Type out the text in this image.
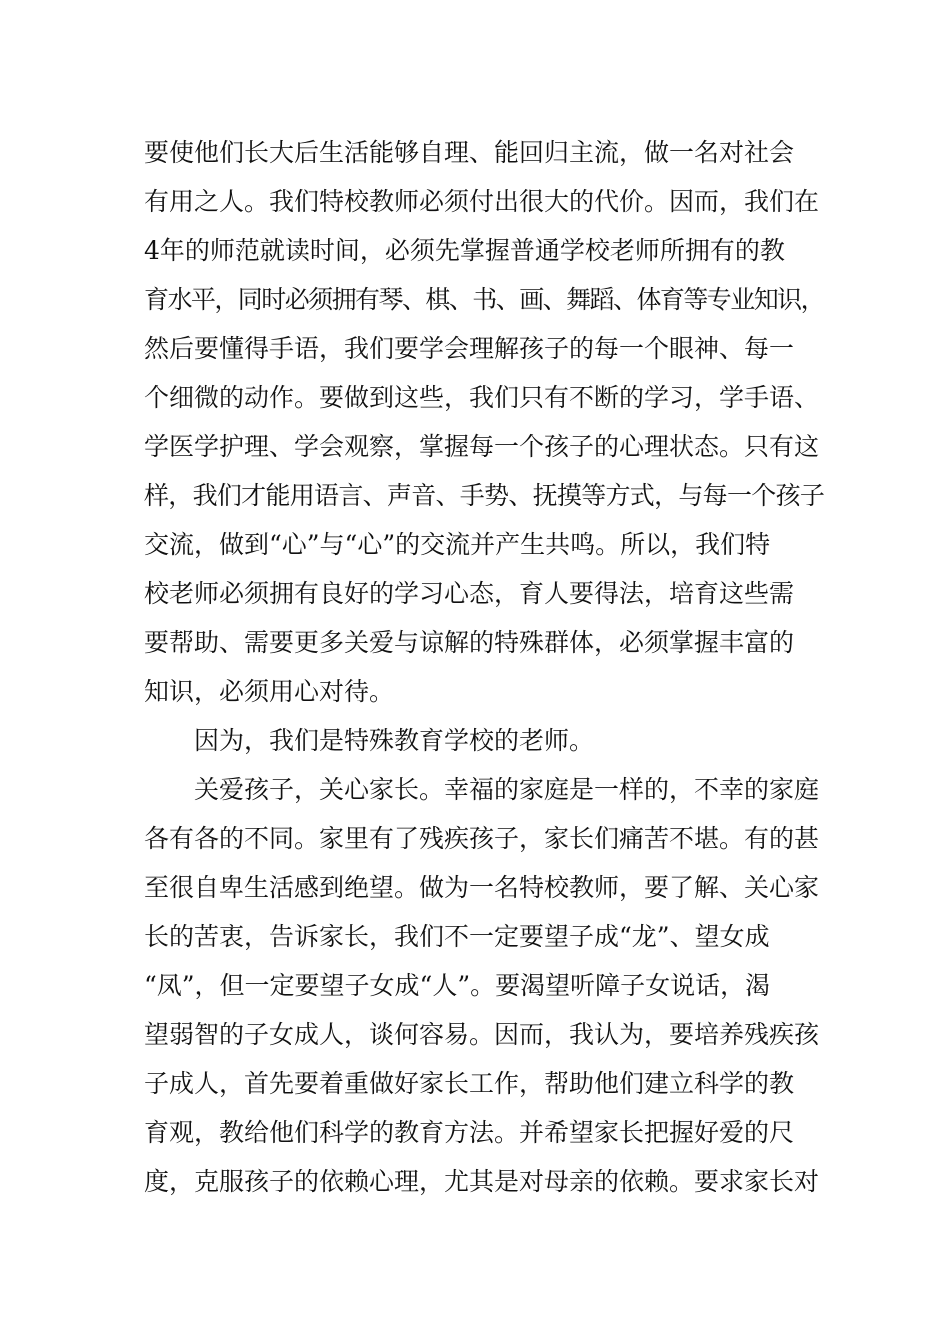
要使他们长大后生活能够自理、能回归主流，做一名对社会
有用之人。我们特校教师必须付出很大的代价。因而，我们在
4年的师范就读时间，必须先掌握普通学校老师所拥有的教
育水平，同时必须拥有琴、棋、书、画、舞蹈、体育等专业知识，
然后要懂得手语，我们要学会理解孩子的每一个眼神、每一
个细微的动作。要做到这些，我们只有不断的学习，学手语、
学医学护理、学会观察，掌握每一个孩子的心理状态。只有这
样，我们才能用语言、声音、手势、抚摸等方式，与每一个孩子
交流，做到“心”与“心”的交流并产生共鸣。所以，我们特
校老师必须拥有良好的学习心态，育人要得法，培育这些需
要帮助、需要更多关爱与谅解的特殊群体，必须掌握丰富的
知识，必须用心对待。
因为，我们是特殊教育学校的老师。
关爱孩子，关心家长。幸福的家庭是一样的，不幸的家庭
各有各的不同。家里有了残疾孩子，家长们痛苦不堪。有的甚
至很自卑生活感到绝望。做为一名特校教师，要了解、关心家
长的苦衷，告诉家长，我们不一定要望子成“龙”、望女成
“凤”，但一定要望子女成“人”。要渴望听障子女说话，渴
望弱智的子女成人，谈何容易。因而，我认为，要培养残疾孩
子成人，首先要着重做好家长工作，帮助他们建立科学的教
育观，教给他们科学的教育方法。并希望家长把握好爱的尺
度，克服孩子的依赖心理，尤其是对母亲的依赖。要求家长对
